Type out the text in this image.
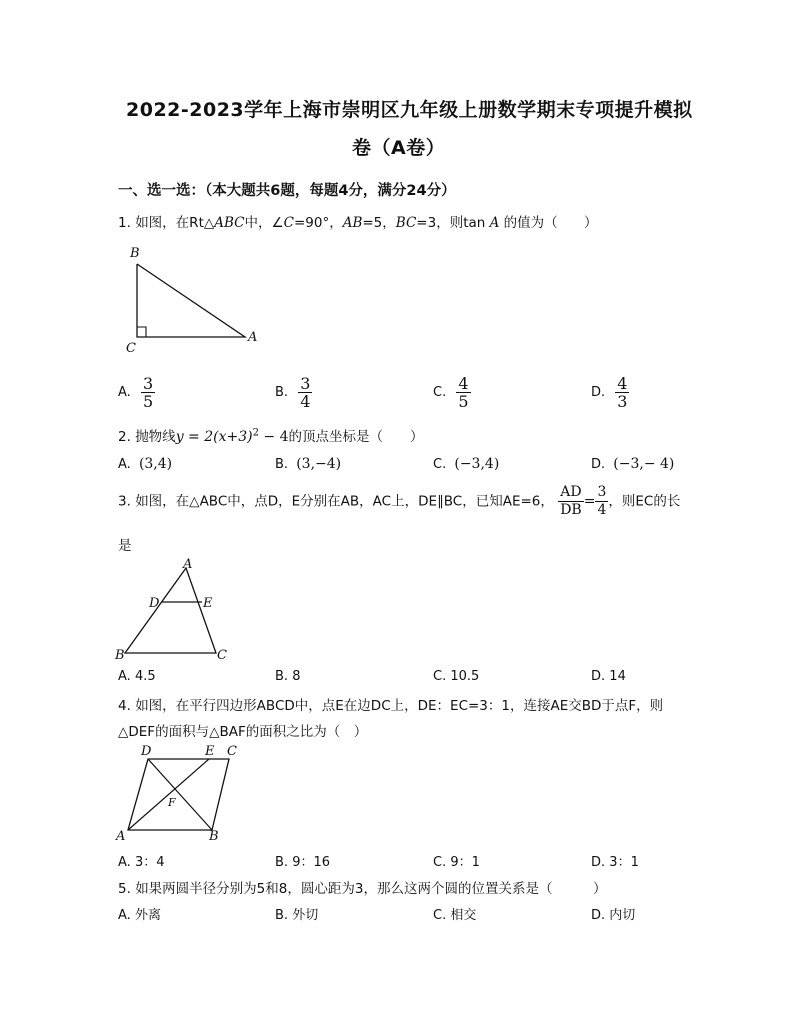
2022-2023学年上海市崇明区九年级上册数学期末专项提升模拟
卷（A卷）
一、选一选：（本大题共6题，每题4分，满分24分）
1. 如图，在Rt△ABC中，∠C=90°，AB=5，BC=3，则tan A 的值为（ ）
B
C
A
A. $\frac{3}{5}$	B. $\frac{3}{4}$	C. $\frac{4}{5}$	D. $\frac{4}{3}$
2. 抛物线$y = 2(x+3)^2 - 4$的顶点坐标是（　　）
A. (3,4)	B. (3,−4)	C. (−3,4)	D. (−3,− 4)
3. 如图，在△ABC中，点D，E分别在AB，AC上，DE∥BC，已知AE=6， $\frac{AD}{DB} = \frac{3}{4}$ ，则EC的长
是
A
D	E
B	C
A. 4.5	B. 8	C. 10.5	D. 14
4. 如图，在平行四边形ABCD中，点E在边DC上，DE：EC=3：1，连接AE交BD于点F，则
△DEF的面积与△BAF的面积之比为（　）
D	E C
F
A	B
A. 3：4	B. 9：16	C. 9：1	D. 3：1
5. 如果两圆半径分别为5和8，圆心距为3，那么这两个圆的位置关系是（　　　）
A. 外离	B. 外切	C. 相交	D. 内切
